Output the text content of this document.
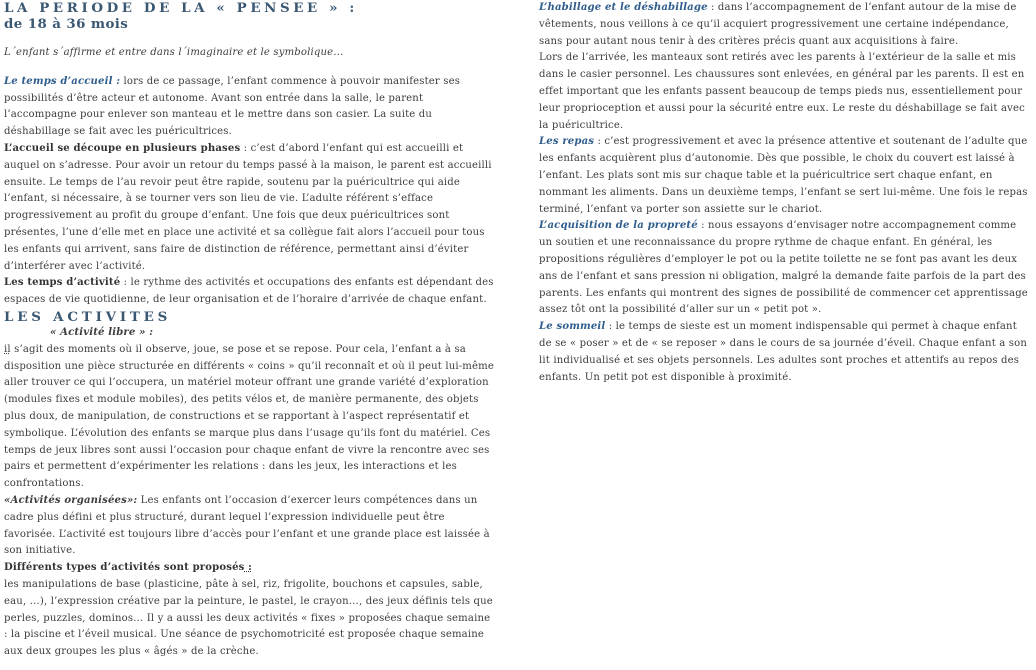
LA PERIODE DE LA « PENSEE » :
de 18 à 36 mois

L´enfant s´affirme et entre dans l´imaginaire et le symbolique…

Le temps d’accueil : lors de ce passage, l’enfant commence à pouvoir manifester ses possibilités d’être acteur et autonome. Avant son entrée dans la salle, le parent l’accompagne pour enlever son manteau et le mettre dans son casier. La suite du déshabillage se fait avec les puéricultrices.

L’accueil se découpe en plusieurs phases : c’est d’abord l’enfant qui est accueilli et auquel on s’adresse. Pour avoir un retour du temps passé à la maison, le parent est accueilli ensuite. Le temps de l’au revoir peut être rapide, soutenu par la puéricultrice qui aide l’enfant, si nécessaire, à se tourner vers son lieu de vie. L’adulte référent s’efface progressivement au profit du groupe d’enfant. Une fois que deux puéricultrices sont présentes, l’une d’elle met en place une activité et sa collègue fait alors l’accueil pour tous les enfants qui arrivent, sans faire de distinction de référence, permettant ainsi d’éviter d’interférer avec l’activité.

Les temps d’activité : le rythme des activités et occupations des enfants est dépendant des espaces de vie quotidienne, de leur organisation et de l’horaire d’arrivée de chaque enfant.

LES ACTIVITES

« Activité libre » :

il s’agit des moments où il observe, joue, se pose et se repose. Pour cela, l’enfant a à sa disposition une pièce structurée en différents « coins » qu’il reconnaît et où il peut lui-même aller trouver ce qui l’occupera, un matériel moteur offrant une grande variété d’exploration (modules fixes et module mobiles), des petits vélos et, de manière permanente, des objets plus doux, de manipulation, de constructions et se rapportant à l’aspect représentatif et symbolique. L’évolution des enfants se marque plus dans l’usage qu’ils font du matériel. Ces temps de jeux libres sont aussi l’occasion pour chaque enfant de vivre la rencontre avec ses pairs et permettent d’expérimenter les relations : dans les jeux, les interactions et les confrontations.

«Activités organisées»: Les enfants ont l’occasion d’exercer leurs compétences dans un cadre plus défini et plus structuré, durant lequel l’expression individuelle peut être favorisée. L’activité est toujours libre d’accès pour l’enfant et une grande place est laissée à son initiative.

Différents types d’activités sont proposés :

les manipulations de base (plasticine, pâte à sel, riz, frigolite, bouchons et capsules, sable, eau, …), l’expression créative par la peinture, le pastel, le crayon…, des jeux définis tels que perles, puzzles, dominos… Il y a aussi les deux activités « fixes » proposées chaque semaine : la piscine et l’éveil musical. Une séance de psychomotricité est proposée chaque semaine aux deux groupes les plus « âgés » de la crèche.

L’habillage et le déshabillage : dans l’accompagnement de l’enfant autour de la mise de vêtements, nous veillons à ce qu’il acquiert progressivement une certaine indépendance, sans pour autant nous tenir à des critères précis quant aux acquisitions à faire.

Lors de l’arrivée, les manteaux sont retirés avec les parents à l’extérieur de la salle et mis dans le casier personnel. Les chaussures sont enlevées, en général par les parents. Il est en effet important que les enfants passent beaucoup de temps pieds nus, essentiellement pour leur proprioception et aussi pour la sécurité entre eux. Le reste du déshabillage se fait avec la puéricultrice.

Les repas : c’est progressivement et avec la présence attentive et soutenant de l’adulte que les enfants acquièrent plus d’autonomie. Dès que possible, le choix du couvert est laissé à l’enfant. Les plats sont mis sur chaque table et la puéricultrice sert chaque enfant, en nommant les aliments. Dans un deuxième temps, l’enfant se sert lui-même. Une fois le repas terminé, l’enfant va porter son assiette sur le chariot.

L’acquisition de la propreté : nous essayons d’envisager notre accompagnement comme un soutien et une reconnaissance du propre rythme de chaque enfant. En général, les propositions régulières d’employer le pot ou la petite toilette ne se font pas avant les deux ans de l’enfant et sans pression ni obligation, malgré la demande faite parfois de la part des parents. Les enfants qui montrent des signes de possibilité de commencer cet apprentissage assez tôt ont la possibilité d’aller sur un « petit pot ».

Le sommeil : le temps de sieste est un moment indispensable qui permet à chaque enfant de se « poser » et de « se reposer » dans le cours de sa journée d’éveil. Chaque enfant a son lit individualisé et ses objets personnels. Les adultes sont proches et attentifs au repos des enfants. Un petit pot est disponible à proximité.
